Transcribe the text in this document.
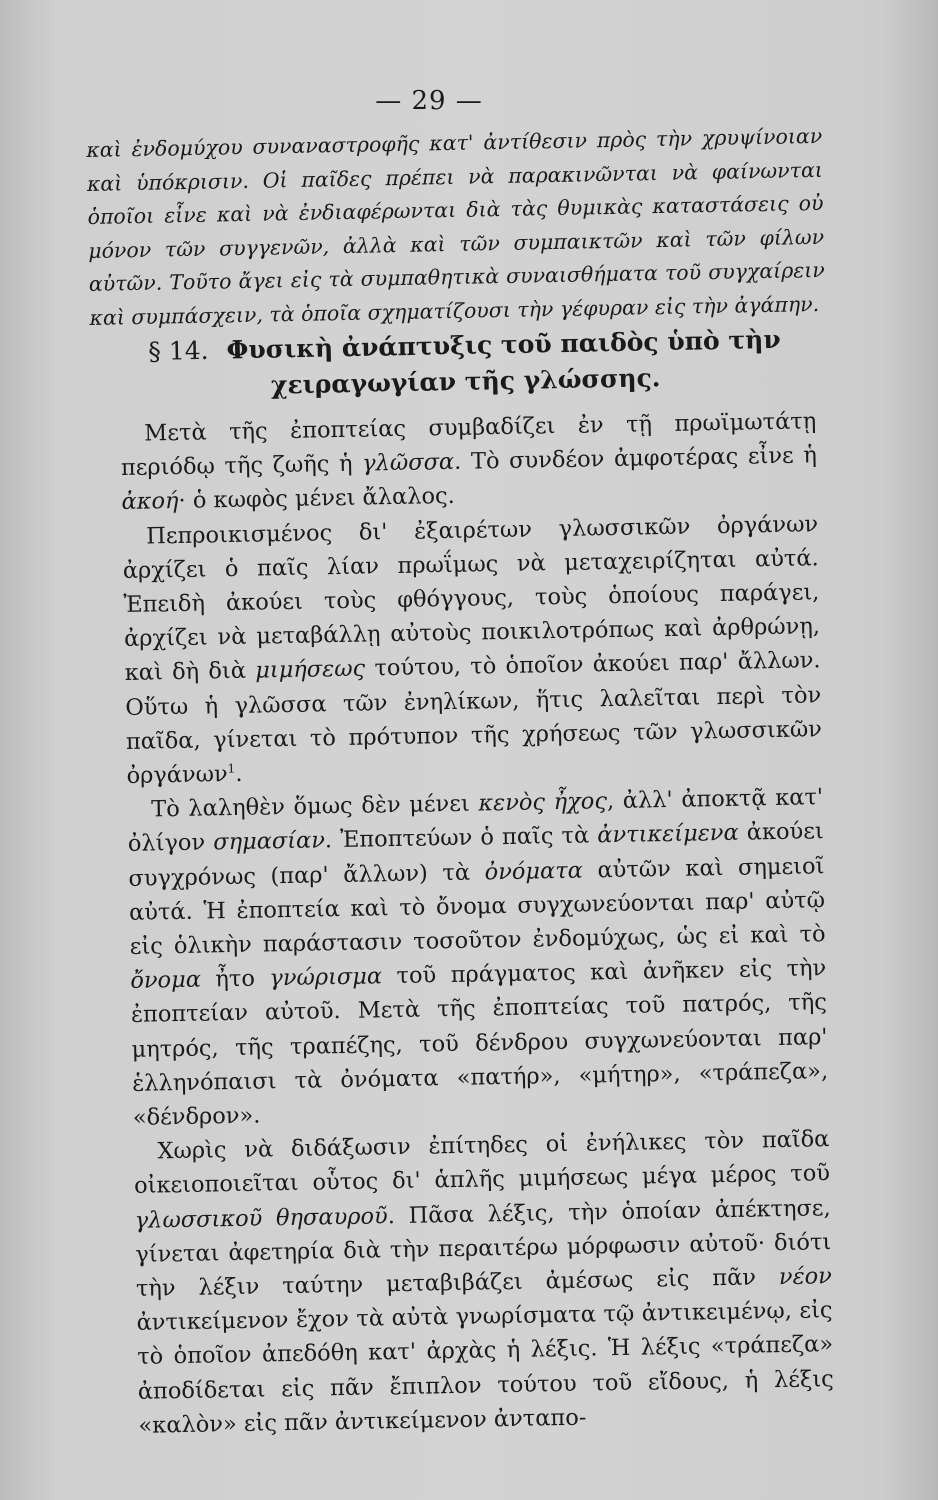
— 29 —

καὶ ἐνδομύχου συναναστροφῆς κατ' ἀντίθεσιν πρὸς τὴν χρυψίνοιαν καὶ ὑπόκρισιν. Οἱ παῖδες πρέπει νὰ παρακινῶνται νὰ φαίνωνται ὁποῖοι εἶνε καὶ νὰ ἐνδιαφέρωνται διὰ τὰς θυμικὰς καταστάσεις οὐ μόνον τῶν συγγενῶν, ἀλλὰ καὶ τῶν συμπαικτῶν καὶ τῶν φίλων αὐτῶν. Τοῦτο ἄγει εἰς τὰ συμπαθητικὰ συναισθήματα τοῦ συγχαίρειν καὶ συμπάσχειν, τὰ ὁποῖα σχηματίζουσι τὴν γέφυραν εἰς τὴν ἀγάπην.

§ 14. Φυσικὴ ἀνάπτυξις τοῦ παιδὸς ὑπὸ τὴν
χειραγωγίαν τῆς γλώσσης.

Μετὰ τῆς ἐποπτείας συμβαδίζει ἐν τῇ πρωϊμωτάτῃ περιόδῳ τῆς ζωῆς ἡ γλῶσσα. Τὸ συνδέον ἀμφοτέρας εἶνε ἡ ἀκοή· ὁ κωφὸς μένει ἄλαλος.

Πεπροικισμένος δι' ἐξαιρέτων γλωσσικῶν ὀργάνων ἀρχίζει ὁ παῖς λίαν πρωΐμως νὰ μεταχειρίζηται αὐτά. Ἐπειδὴ ἀκούει τοὺς φθόγγους, τοὺς ὁποίους παράγει, ἀρχίζει νὰ μεταβάλλῃ αὐτοὺς ποικιλοτρόπως καὶ ἀρθρώνῃ, καὶ δὴ διὰ μιμήσεως τούτου, τὸ ὁποῖον ἀκούει παρ' ἄλλων. Οὕτω ἡ γλῶσσα τῶν ἐνηλίκων, ἥτις λαλεῖται περὶ τὸν παῖδα, γίνεται τὸ πρότυπον τῆς χρήσεως τῶν γλωσσικῶν ὀργάνων$^1$.

Τὸ λαληθὲν ὅμως δὲν μένει κενὸς ἦχος, ἀλλ' ἀποκτᾷ κατ' ὀλίγον σημασίαν. Ἐποπτεύων ὁ παῖς τὰ ἀντικείμενα ἀκούει συγχρόνως (παρ' ἄλλων) τὰ ὀνόματα αὐτῶν καὶ σημειοῖ αὐτά. Ἡ ἐποπτεία καὶ τὸ ὄνομα συγχωνεύονται παρ' αὐτῷ εἰς ὁλικὴν παράστασιν τοσοῦτον ἐνδομύχως, ὡς εἰ καὶ τὸ ὄνομα ἦτο γνώρισμα τοῦ πράγματος καὶ ἀνῆκεν εἰς τὴν ἐποπτείαν αὐτοῦ. Μετὰ τῆς ἐποπτείας τοῦ πατρός, τῆς μητρός, τῆς τραπέζης, τοῦ δένδρου συγχωνεύονται παρ' ἑλληνόπαισι τὰ ὀνόματα «πατήρ», «μήτηρ», «τράπεζα», «δένδρον».

Χωρὶς νὰ διδάξωσιν ἐπίτηδες οἱ ἐνήλικες τὸν παῖδα οἰκειοποιεῖται οὗτος δι' ἁπλῆς μιμήσεως μέγα μέρος τοῦ γλωσσικοῦ θησαυροῦ. Πᾶσα λέξις, τὴν ὁποίαν ἀπέκτησε, γίνεται ἀφετηρία διὰ τὴν περαιτέρω μόρφωσιν αὐτοῦ· διότι τὴν λέξιν ταύτην μεταβιβάζει ἀμέσως εἰς πᾶν νέον ἀντικείμενον ἔχον τὰ αὐτὰ γνωρίσματα τῷ ἀντικειμένῳ, εἰς τὸ ὁποῖον ἀπεδόθη κατ' ἀρχὰς ἡ λέξις. Ἡ λέξις «τράπεζα» ἀποδίδεται εἰς πᾶν ἔπιπλον τούτου τοῦ εἴδους, ἡ λέξις «καλὸν» εἰς πᾶν ἀντικείμενον ἀνταπο-
